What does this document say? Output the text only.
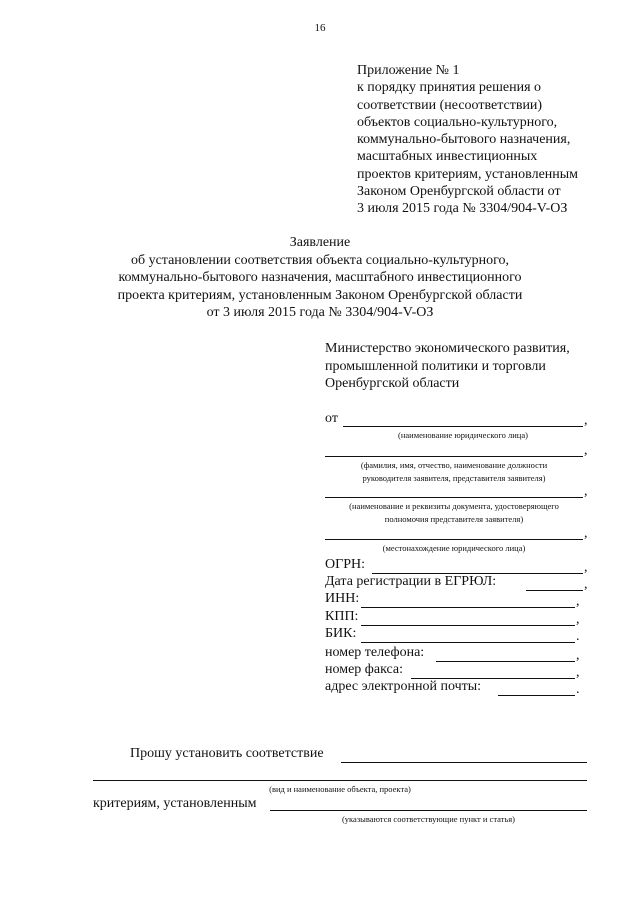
16
Приложение № 1
к порядку принятия решения о
соответствии (несоответствии)
объектов социально-культурного,
коммунально-бытового назначения,
масштабных инвестиционных
проектов критериям, установленным
Законом Оренбургской области от
3 июля 2015 года № 3304/904-V-ОЗ
Заявление
об установлении соответствия объекта социально-культурного,
коммунально-бытового назначения, масштабного инвестиционного
проекта критериям, установленным Законом Оренбургской области
от 3 июля 2015 года № 3304/904-V-ОЗ
Министерство экономического развития,
промышленной политики и торговли
Оренбургской области
от	,
(наименование юридического лица)
,
(фамилия, имя, отчество, наименование должности
руководителя заявителя, представителя заявителя)
,
(наименование и реквизиты документа, удостоверяющего
полномочия представителя заявителя)
,
(местонахождение юридического лица)
ОГРН:	,
Дата регистрации в ЕГРЮЛ:	,
ИНН:	,
КПП:	,
БИК:	.
номер телефона:	,
номер факса:	,
адрес электронной почты:	.
Прошу установить соответствие
(вид и наименование объекта, проекта)
критериям, установленным
(указываются соответствующие пункт и статья)
